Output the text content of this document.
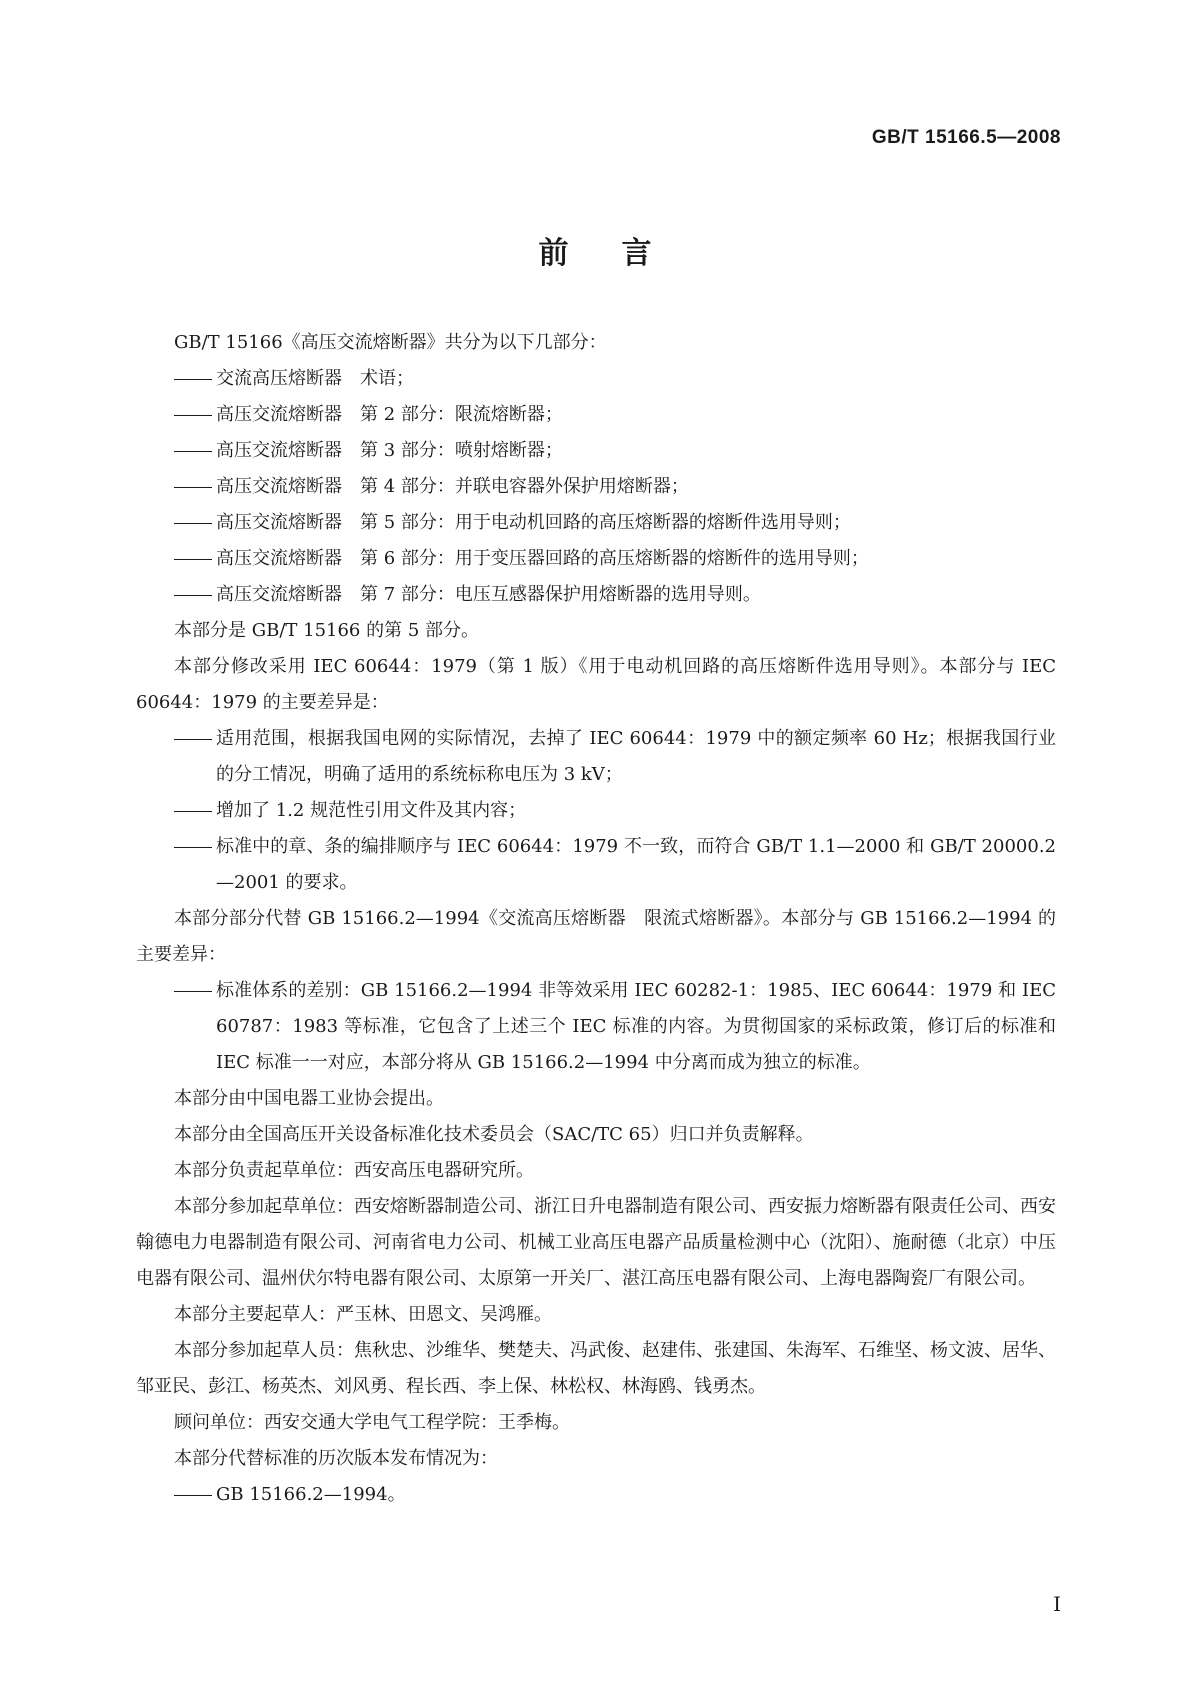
GB/T 15166.5—2008
前 言
GB/T 15166《高压交流熔断器》共分为以下几部分：
交流高压熔断器　术语；
高压交流熔断器　第 2 部分：限流熔断器；
高压交流熔断器　第 3 部分：喷射熔断器；
高压交流熔断器　第 4 部分：并联电容器外保护用熔断器；
高压交流熔断器　第 5 部分：用于电动机回路的高压熔断器的熔断件选用导则；
高压交流熔断器　第 6 部分：用于变压器回路的高压熔断器的熔断件的选用导则；
高压交流熔断器　第 7 部分：电压互感器保护用熔断器的选用导则。
本部分是 GB/T 15166 的第 5 部分。
本部分修改采用 IEC 60644：1979（第 1 版）《用于电动机回路的高压熔断件选用导则》。本部分与 IEC 60644：1979 的主要差异是：
适用范围，根据我国电网的实际情况，去掉了 IEC 60644：1979 中的额定频率 60 Hz；根据我国行业的分工情况，明确了适用的系统标称电压为 3 kV；
增加了 1.2 规范性引用文件及其内容；
标准中的章、条的编排顺序与 IEC 60644：1979 不一致，而符合 GB/T 1.1—2000 和 GB/T 20000.2—2001 的要求。
本部分部分代替 GB 15166.2—1994《交流高压熔断器　限流式熔断器》。本部分与 GB 15166.2—1994 的主要差异：
标准体系的差别：GB 15166.2—1994 非等效采用 IEC 60282-1：1985、IEC 60644：1979 和 IEC 60787：1983 等标准，它包含了上述三个 IEC 标准的内容。为贯彻国家的采标政策，修订后的标准和 IEC 标准一一对应，本部分将从 GB 15166.2—1994 中分离而成为独立的标准。
本部分由中国电器工业协会提出。
本部分由全国高压开关设备标准化技术委员会（SAC/TC 65）归口并负责解释。
本部分负责起草单位：西安高压电器研究所。
本部分参加起草单位：西安熔断器制造公司、浙江日升电器制造有限公司、西安振力熔断器有限责任公司、西安翰德电力电器制造有限公司、河南省电力公司、机械工业高压电器产品质量检测中心（沈阳）、施耐德（北京）中压电器有限公司、温州伏尔特电器有限公司、太原第一开关厂、湛江高压电器有限公司、上海电器陶瓷厂有限公司。
本部分主要起草人：严玉林、田恩文、吴鸿雁。
本部分参加起草人员：焦秋忠、沙维华、樊楚夫、冯武俊、赵建伟、张建国、朱海军、石维坚、杨文波、居华、邹亚民、彭江、杨英杰、刘风勇、程长西、李上保、林松权、林海鸥、钱勇杰。
顾问单位：西安交通大学电气工程学院：王季梅。
本部分代替标准的历次版本发布情况为：
GB 15166.2—1994。
I
